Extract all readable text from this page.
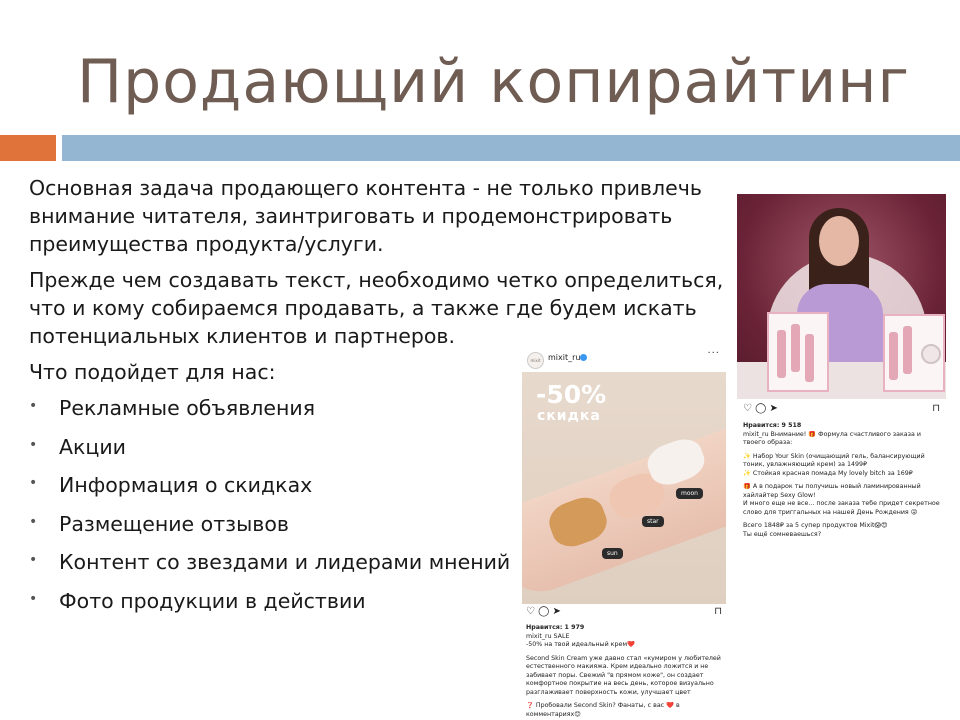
Продающий копирайтинг

Основная задача продающего контента - не только привлечь внимание читателя, заинтриговать и продемонстрировать преимущества продукта/услуги.

Прежде чем создавать текст, необходимо четко определиться, что и кому собираемся продавать, а также где будем искать потенциальных клиентов и партнеров.

Что подойдет для нас:

• Рекламные объявления
• Акции
• Информация о скидках
• Размещение отзывов
• Контент со звездами и лидерами мнений
• Фото продукции в действии
mixit mixit_ru	···
-50%
скидка
sun
star
moon
♡ ◯ ➤	⊓
Нравится: 1 979
mixit_ru SALE
-50% на твой идеальный крем❤️
Second Skin Cream уже давно стал «кумиром у любителей
естественного макияжа. Крем идеально ложится и не
забивает поры. Свежий "в прямом коже", он создает
комфортное покрытие на весь день, которое визуально
разглаживает поверхность кожи, улучшает цвет
❓ Пробовали Second Skin? Фанаты, с вас ❤️ в
комментариях😊
♡ ◯ ➤	⊓
Нравится: 9 518
mixit_ru Внимание! 🎁 Формула счастливого заказа и
твоего образа:
✨ Набор Your Skin (очищающий гель, балансирующий
тоник, увлажняющий крем) за 1499₽
✨ Стойкая красная помада My lovely bitch за 169₽
🎁 А в подарок ты получишь новый ламинированный
хайлайтер Sexy Glow!
И много еще не все... после заказа тебе придет секретное
слово для триггальных на нашей День Рождения 😜
Всего 1848₽ за 5 супер продуктов Mixit😱😍
Ты ещё сомневаешься?
